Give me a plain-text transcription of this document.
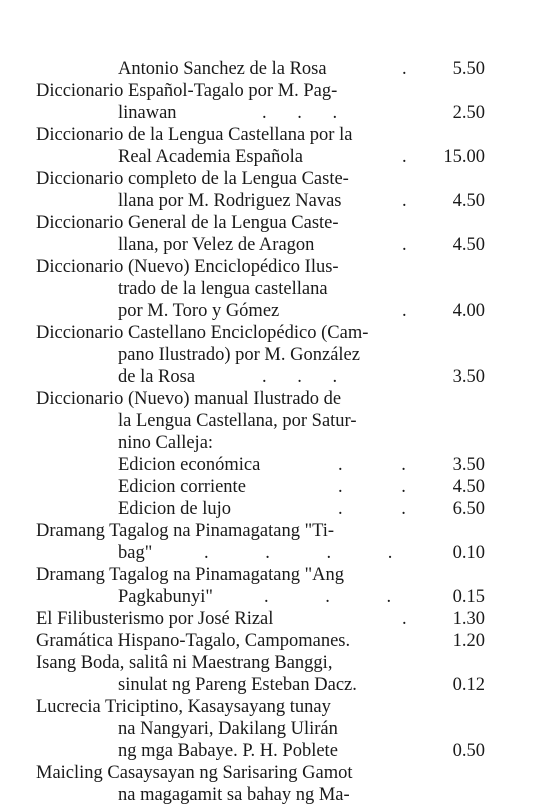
Antonio Sanchez de la Rosa	. 5.50
Diccionario Español-Tagalo por M. Pag-
linawan	. . .	2.50
Diccionario de la Lengua Castellana por la
Real Academia Española	. 15.00
Diccionario completo de la Lengua Caste-
llana por M. Rodriguez Navas	. 4.50
Diccionario General de la Lengua Caste-
llana, por Velez de Aragon	. 4.50
Diccionario (Nuevo) Enciclopédico Ilus-
trado de la lengua castellana
por M. Toro y Gómez	. 4.00
Diccionario Castellano Enciclopédico (Cam-
pano Ilustrado) por M. González
de la Rosa	. . .	3.50
Diccionario (Nuevo) manual Ilustrado de
la Lengua Castellana, por Satur-
nino Calleja:
Edicion económica	. .	3.50
Edicion corriente	. .	4.50
Edicion de lujo	. .	6.50
Dramang Tagalog na Pinamagatang "Ti-
bag"	. . . .	0.10
Dramang Tagalog na Pinamagatang "Ang
Pagkabunyi"	. . .	0.15
El Filibusterismo por José Rizal	. 1.30
Gramática Hispano-Tagalo, Campomanes.	1.20
Isang Boda, salitâ ni Maestrang Banggi,
sinulat ng Pareng Esteban Dacz.	0.12
Lucrecia Triciptino, Kasaysayang tunay
na Nangyari, Dakilang Ulirán
ng mga Babaye. P. H. Poblete	0.50
Maicling Casaysayan ng Sarisaring Gamot
na magagamit sa bahay ng Ma-
